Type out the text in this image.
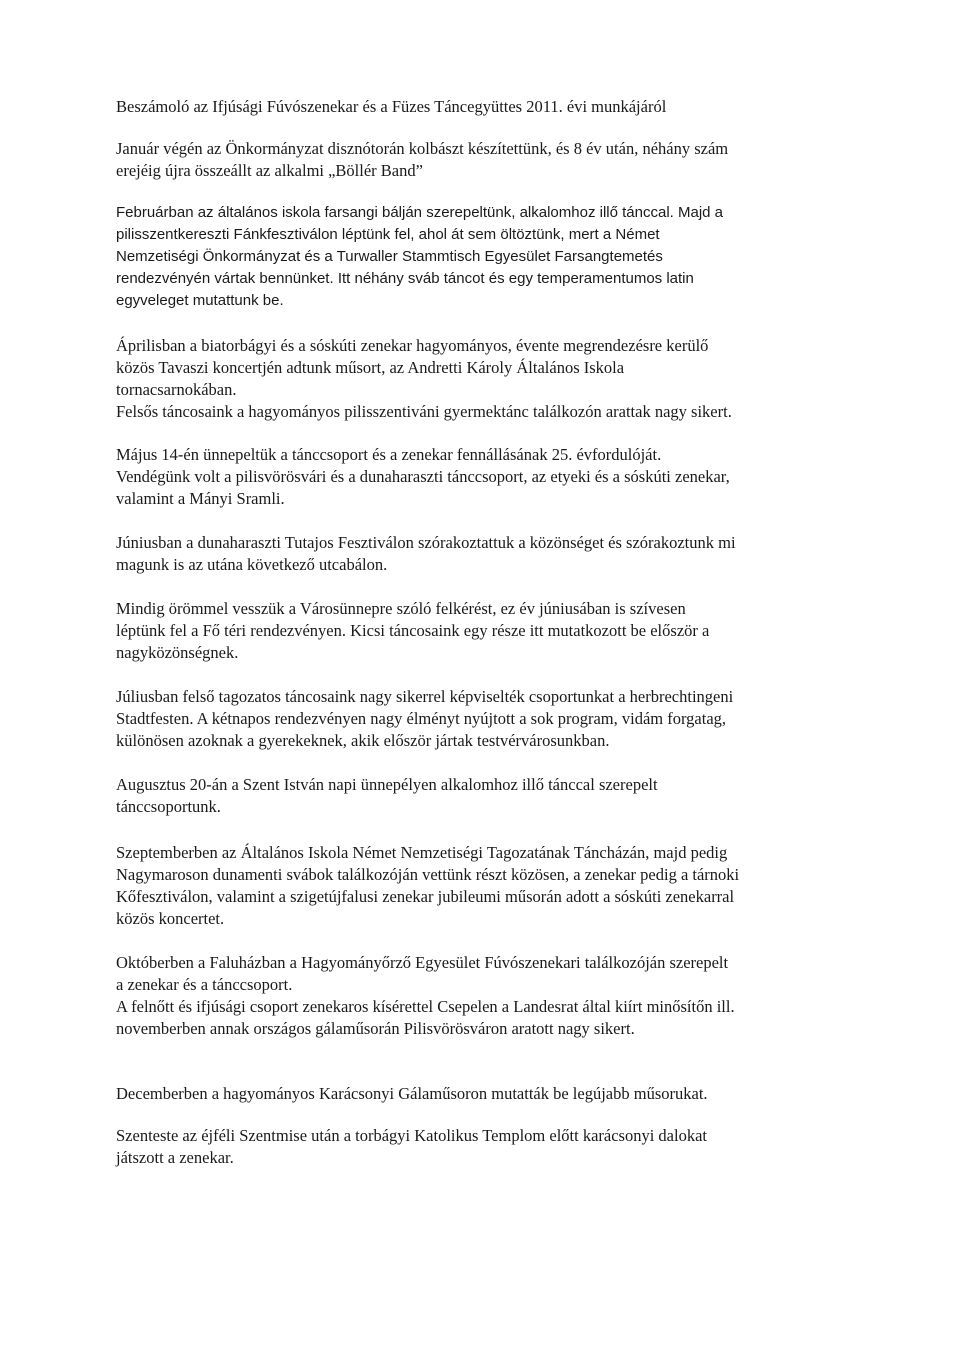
Beszámoló az Ifjúsági Fúvószenekar és a Füzes Táncegyüttes 2011. évi munkájáról
Január végén az Önkormányzat disznótorán kolbászt készítettünk, és 8 év után, néhány szám
erejéig újra összeállt az alkalmi „Böllér Band”
Februárban az általános iskola farsangi bálján szerepeltünk, alkalomhoz illő tánccal. Majd a
pilisszentkereszti Fánkfesztiválon léptünk fel, ahol át sem öltöztünk, mert a Német
Nemzetiségi Önkormányzat és a Turwaller Stammtisch Egyesület Farsangtemetés
rendezvényén vártak bennünket. Itt néhány sváb táncot és egy temperamentumos latin
egyveleget mutattunk be.
Áprilisban a biatorbágyi és a sóskúti zenekar hagyományos, évente megrendezésre kerülő
közös Tavaszi koncertjén adtunk műsort, az Andretti Károly Általános Iskola
tornacsarnokában.
Felsős táncosaink a hagyományos pilisszentiváni gyermektánc találkozón arattak nagy sikert.
Május 14-én ünnepeltük a tánccsoport és a zenekar fennállásának 25. évfordulóját.
Vendégünk volt a pilisvörösvári és a dunaharaszti tánccsoport, az etyeki és a sóskúti zenekar,
valamint a Mányi Sramli.
Júniusban a dunaharaszti Tutajos Fesztiválon szórakoztattuk a közönséget és szórakoztunk mi
magunk is az utána következő utcabálon.
Mindig örömmel vesszük a Városünnepre szóló felkérést, ez év júniusában is szívesen
léptünk fel a Fő téri rendezvényen. Kicsi táncosaink egy része itt mutatkozott be először a
nagyközönségnek.
Júliusban felső tagozatos táncosaink nagy sikerrel képviselték csoportunkat a herbrechtingeni
Stadtfesten. A kétnapos rendezvényen nagy élményt nyújtott a sok program, vidám forgatag,
különösen azoknak a gyerekeknek, akik először jártak testvérvárosunkban.
Augusztus 20-án a Szent István napi ünnepélyen alkalomhoz illő tánccal szerepelt
tánccsoportunk.
Szeptemberben az Általános Iskola Német Nemzetiségi Tagozatának Táncházán, majd pedig
Nagymaroson dunamenti svábok találkozóján vettünk részt közösen, a zenekar pedig a tárnoki
Kőfesztiválon, valamint a szigetújfalusi zenekar jubileumi műsorán adott a sóskúti zenekarral
közös koncertet.
Októberben a Faluházban a Hagyományőrző Egyesület Fúvószenekari találkozóján szerepelt
a zenekar és a tánccsoport.
A felnőtt és ifjúsági csoport zenekaros kísérettel Csepelen a Landesrat által kiírt minősítőn ill.
novemberben annak országos gálaműsorán Pilisvörösváron aratott nagy sikert.
Decemberben a hagyományos Karácsonyi Gálaműsoron mutatták be legújabb műsorukat.
Szenteste az éjféli Szentmise után a torbágyi Katolikus Templom előtt karácsonyi dalokat
játszott a zenekar.
